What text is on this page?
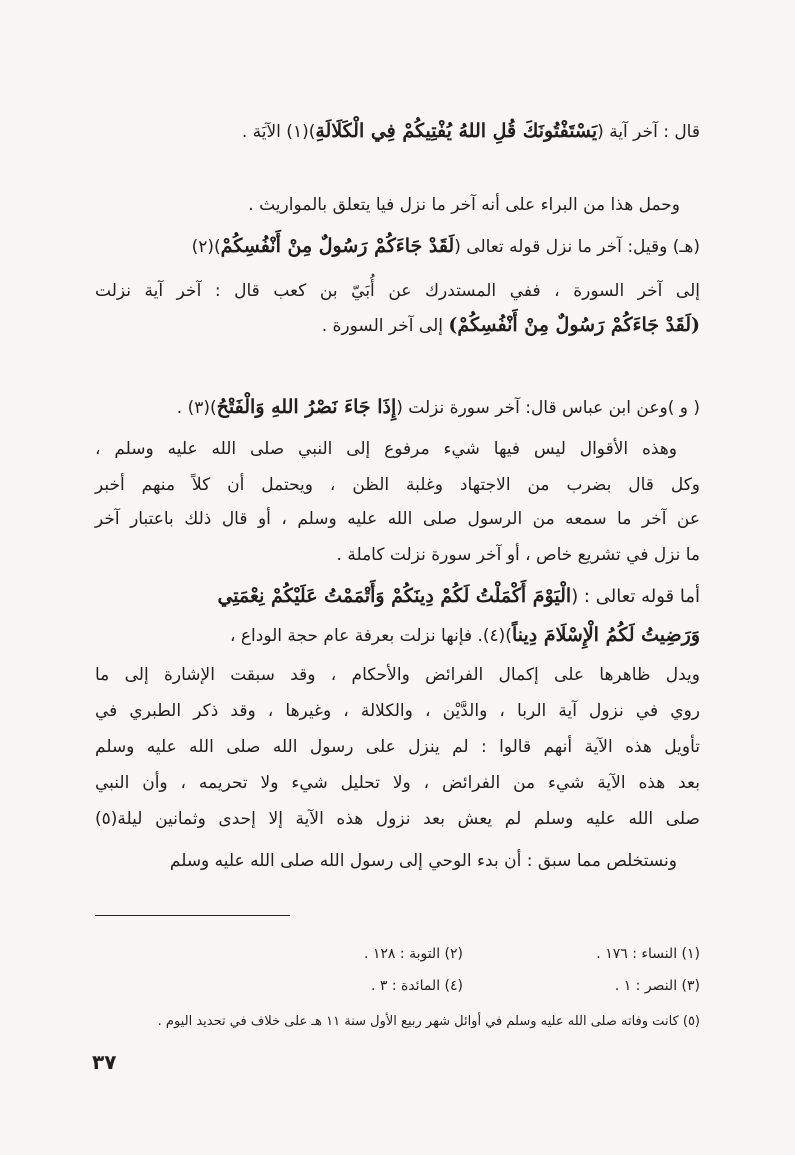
قال : آخر آية (يَسْتَفْتُونَكَ قُلِ اللهُ يُفْتِيكُمْ فِي الْكَلَالَةِ)(١) الآيَة .
وحمل هذا من البراء على أنه آخر ما نزل فيا يتعلق بالمواريث .
(هـ) وقيل: آخر ما نزل قوله تعالى (لَقَدْ جَاءَكُمْ رَسُولٌ مِنْ أَنْفُسِكُمْ)(٢)
إلى آخر السورة ، ففي المستدرك عن أُبَيّ بن كعب قال : آخر آية نزلت
(لَقَدْ جَاءَكُمْ رَسُولٌ مِنْ أَنْفُسِكُمْ) إلى آخر السورة .
( و )وعن ابن عباس قال: آخر سورة نزلت (إِذَا جَاءَ نَصْرُ اللهِ وَالْفَتْحُ)(٣) .
وهذه الأقوال ليس فيها شيء مرفوع إلى النبي صلى الله عليه وسلم ،
وكل قال بضرب من الاجتهاد وغلبة الظن ، ويحتمل أن كلاً منهم أخبر
عن آخر ما سمعه من الرسول صلى الله عليه وسلم ، أو قال ذلك باعتبار آخر
ما نزل في تشريع خاص ، أو آخر سورة نزلت كاملة .
أما قوله تعالى : (الْيَوْمَ أَكْمَلْتُ لَكُمْ دِينَكُمْ وَأَتْمَمْتُ عَلَيْكُمْ نِعْمَتِي
وَرَضِيتُ لَكُمُ الْإِسْلَامَ دِيناً)(٤). فإنها نزلت بعرفة عام حجة الوداع ،
ويدل ظاهرها على إكمال الفرائض والأحكام ، وقد سبقت الإشارة إلى ما
روي في نزول آية الربا ، والدَّيْن ، والكلالة ، وغيرها ، وقد ذكر الطبري في
تأويل هذه الآية أنهم قالوا : لم ينزل على رسول الله صلى الله عليه وسلم
بعد هذه الآية شيء من الفرائض ، ولا تحليل شيء ولا تحريمه ، وأن النبي
صلى الله عليه وسلم لم يعش بعد نزول هذه الآية إلا إحدى وثمانين ليلة(٥)
ونستخلص مما سبق : أن بدء الوحي إلى رسول الله صلى الله عليه وسلم
(١) النساء : ١٧٦ .
(٢) التوبة : ١٢٨ .
(٣) النصر : ١ .
(٤) المائدة : ٣ .
(٥) كانت وفاته صلى الله عليه وسلم في أوائل شهر ربيع الأول سنة ١١ هـ على خلاف في تحديد اليوم .
٣٧
